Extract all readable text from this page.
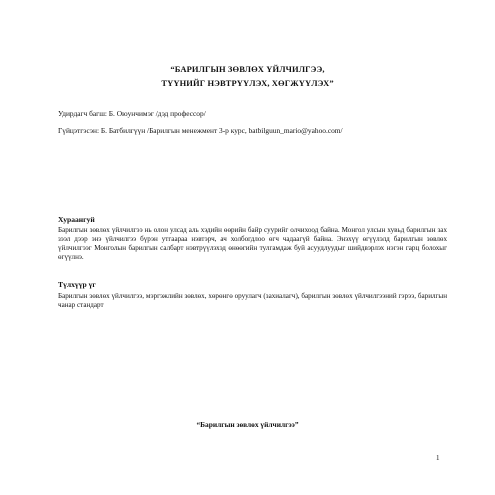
“БАРИЛГЫН ЗӨВЛӨХ ҮЙЛЧИЛГЭЭ,
ТҮҮНИЙГ НЭВТРҮҮЛЭХ, ХӨГЖҮҮЛЭХ”
Удирдагч багш: Б. Оюунчимэг /дэд профессор/
Гүйцэтгэсэн: Б. Батбилгүүн /Барилгын менежмент 3-р курс, batbilguun_mario@yahoo.com/
Хураангуй
Барилгын зөвлөх үйлчилгээ нь олон улсад аль хэдийн өөрийн байр суурийг олчихоод байна. Монгол улсын хувьд барилгын зах зээл дээр энэ үйлчилгээ бүрэн утгаараа нэвтэрч, ач холбогдлоо өгч чадаагүй байна. Энэхүү өгүүлэлд барилгын зөвлөх үйлчилгээг Монголын барилгын салбарт нэвтрүүлэхэд өнөөгийн тулгамдаж буй асуудлуудыг шийдвэрлэх нэгэн гарц болохыг өгүүлнэ.
Түлхүүр үг
Барилгын зөвлөх үйлчилгээ, мэргэжлийн зөвлөх, хөрөнгө оруулагч (захиалагч), барилгын зөвлөх үйлчилгээний гэрээ, барилгын чанар стандарт
“Барилгын зөвлөх үйлчилгээ”
1
